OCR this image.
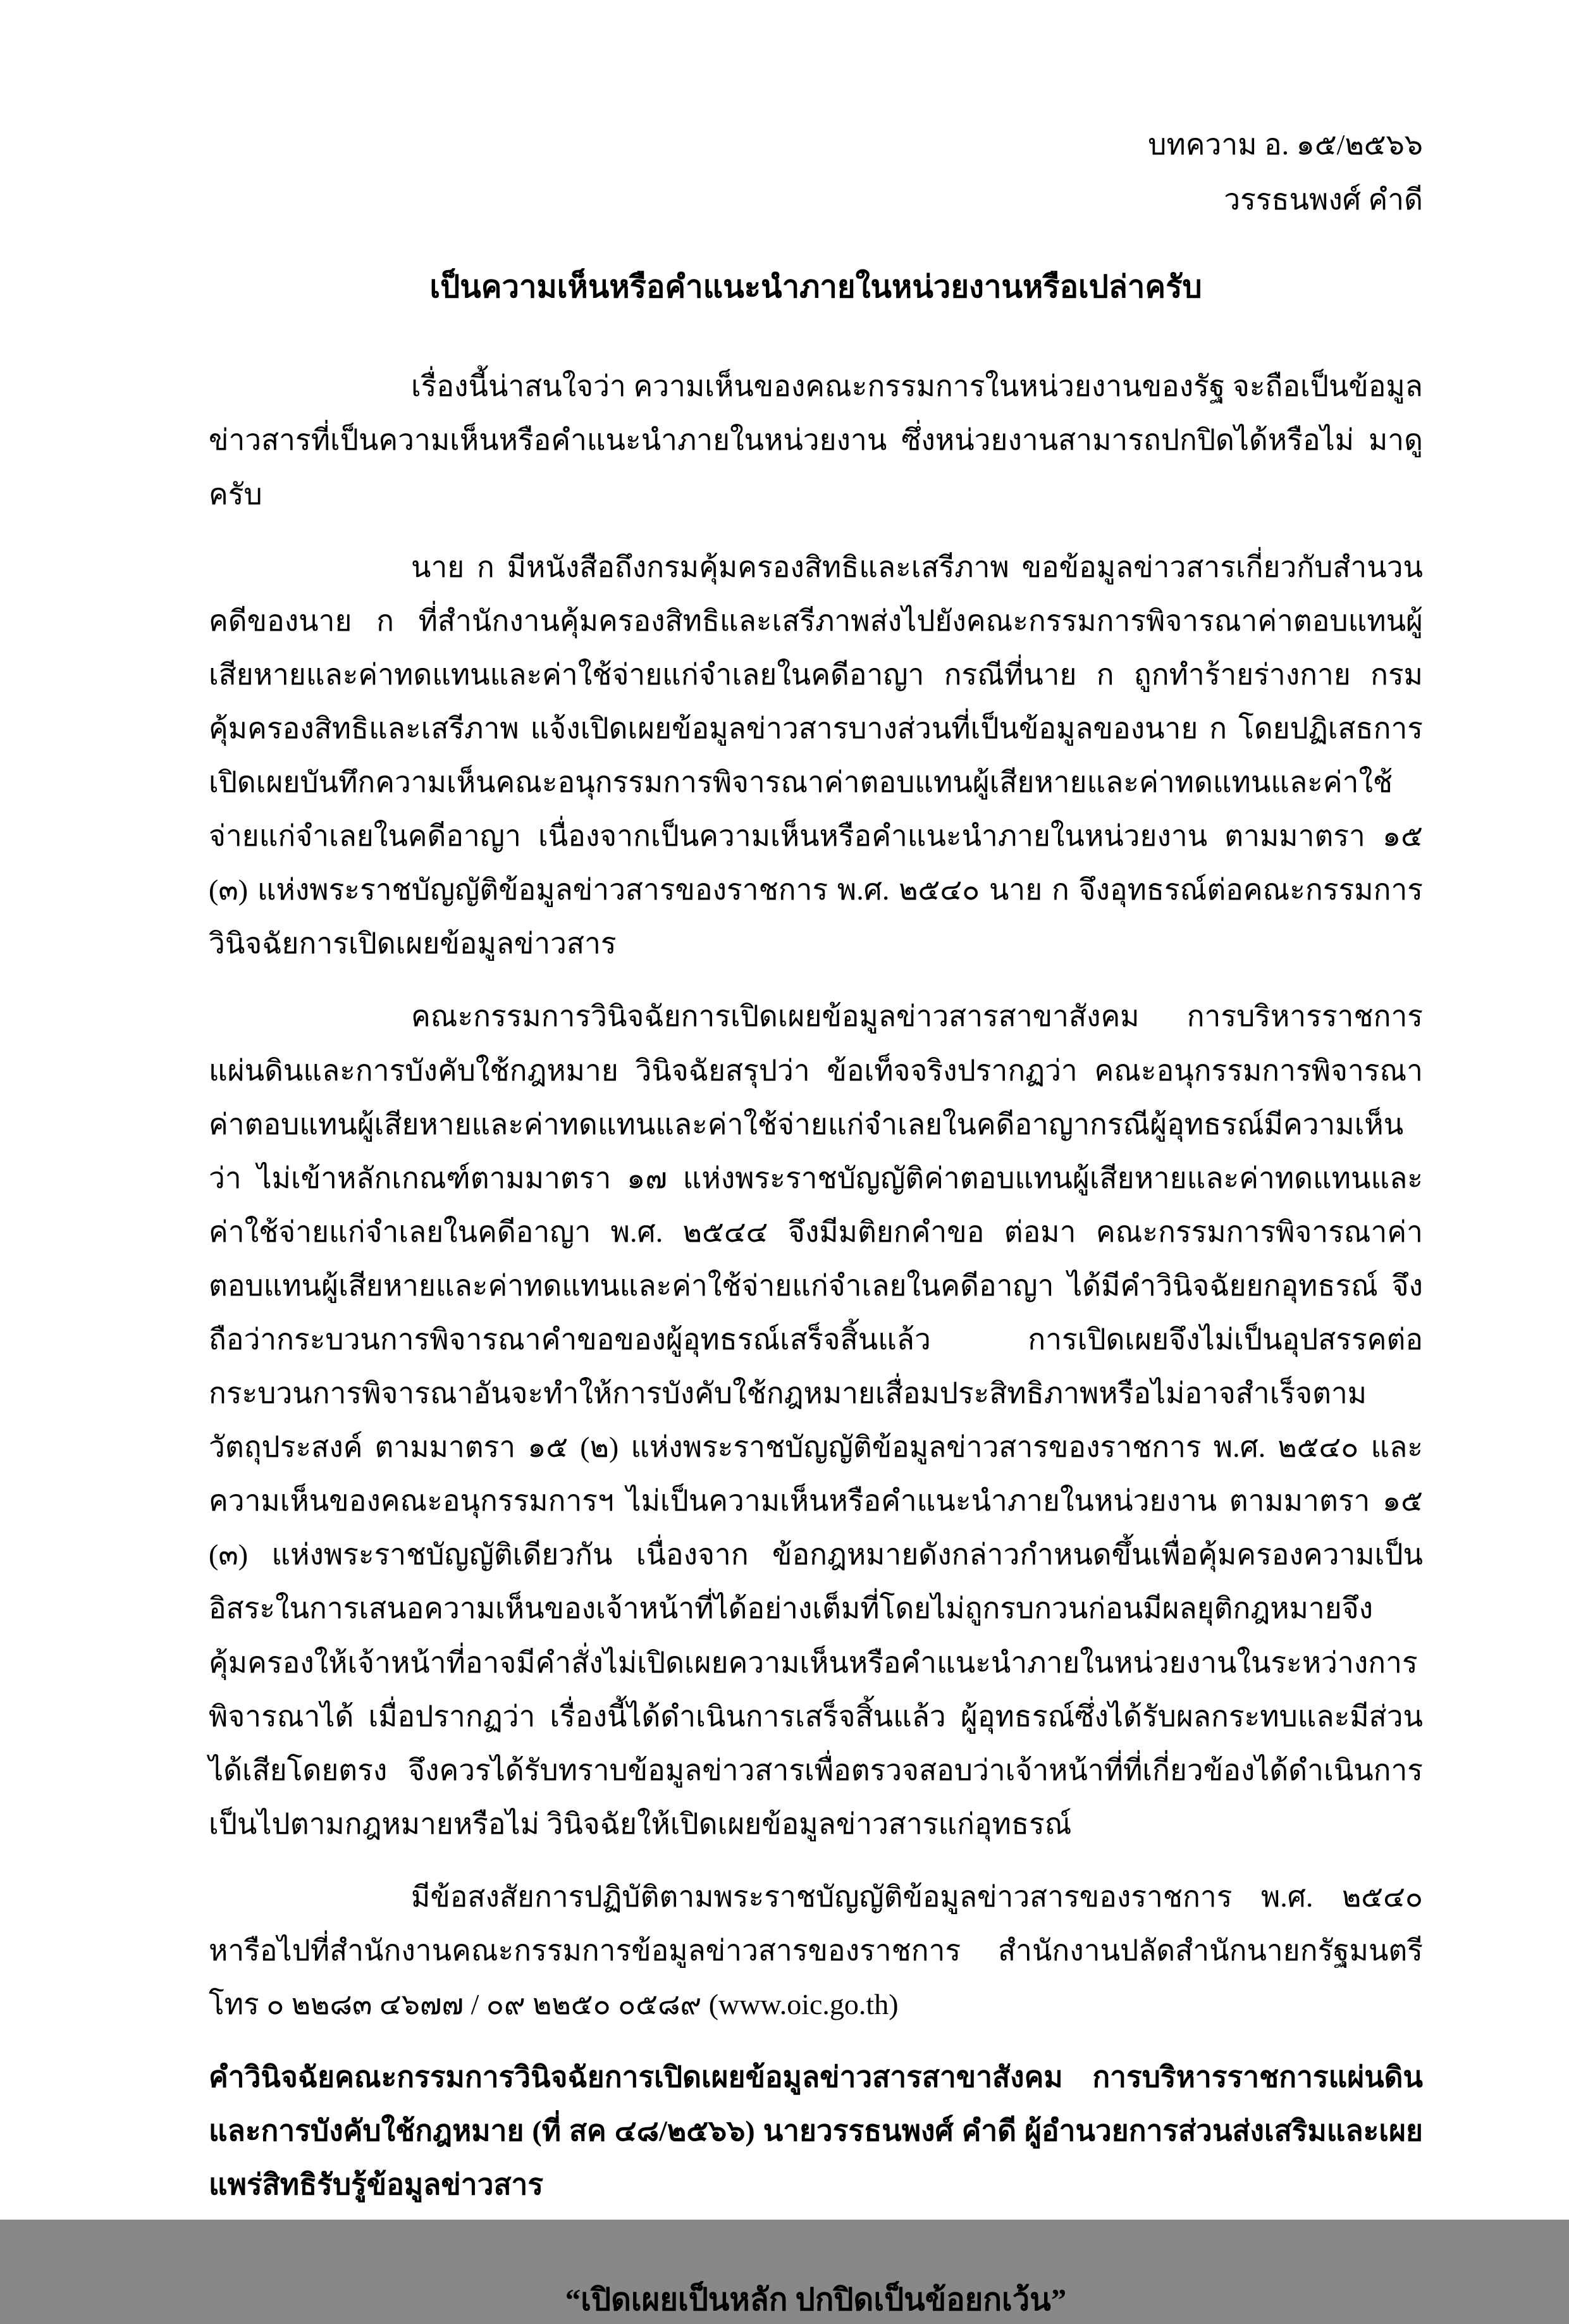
บทความ อ. ๑๕/๒๕๖๖
วรรธนพงศ์ คำดี
เป็นความเห็นหรือคำแนะนำภายในหน่วยงานหรือเปล่าครับ

เรื่องนี้น่าสนใจว่า ความเห็นของคณะกรรมการในหน่วยงานของรัฐ จะถือเป็นข้อมูลข่าวสารที่เป็นความเห็นหรือคำแนะนำภายในหน่วยงาน ซึ่งหน่วยงานสามารถปกปิดได้หรือไม่ มาดูครับ

นาย ก มีหนังสือถึงกรมคุ้มครองสิทธิและเสรีภาพ ขอข้อมูลข่าวสารเกี่ยวกับสำนวนคดีของนาย ก ที่สำนักงานคุ้มครองสิทธิและเสรีภาพส่งไปยังคณะกรรมการพิจารณาค่าตอบแทนผู้เสียหายและค่าทดแทนและค่าใช้จ่ายแก่จำเลยในคดีอาญา กรณีที่นาย ก ถูกทำร้ายร่างกาย กรมคุ้มครองสิทธิและเสรีภาพ แจ้งเปิดเผยข้อมูลข่าวสารบางส่วนที่เป็นข้อมูลของนาย ก โดยปฏิเสธการเปิดเผยบันทึกความเห็นคณะอนุกรรมการพิจารณาค่าตอบแทนผู้เสียหายและค่าทดแทนและค่าใช้จ่ายแก่จำเลยในคดีอาญา เนื่องจากเป็นความเห็นหรือคำแนะนำภายในหน่วยงาน ตามมาตรา ๑๕ (๓) แห่งพระราชบัญญัติข้อมูลข่าวสารของราชการ พ.ศ. ๒๕๔๐ นาย ก จึงอุทธรณ์ต่อคณะกรรมการวินิจฉัยการเปิดเผยข้อมูลข่าวสาร

คณะกรรมการวินิจฉัยการเปิดเผยข้อมูลข่าวสารสาขาสังคม การบริหารราชการแผ่นดินและการบังคับใช้กฎหมาย วินิจฉัยสรุปว่า ข้อเท็จจริงปรากฏว่า คณะอนุกรรมการพิจารณาค่าตอบแทนผู้เสียหายและค่าทดแทนและค่าใช้จ่ายแก่จำเลยในคดีอาญากรณีผู้อุทธรณ์มีความเห็นว่า ไม่เข้าหลักเกณฑ์ตามมาตรา ๑๗ แห่งพระราชบัญญัติค่าตอบแทนผู้เสียหายและค่าทดแทนและค่าใช้จ่ายแก่จำเลยในคดีอาญา พ.ศ. ๒๕๔๔ จึงมีมติยกคำขอ ต่อมา คณะกรรมการพิจารณาค่าตอบแทนผู้เสียหายและค่าทดแทนและค่าใช้จ่ายแก่จำเลยในคดีอาญา ได้มีคำวินิจฉัยยกอุทธรณ์ จึงถือว่ากระบวนการพิจารณาคำขอของผู้อุทธรณ์เสร็จสิ้นแล้ว การเปิดเผยจึงไม่เป็นอุปสรรคต่อกระบวนการพิจารณาอันจะทำให้การบังคับใช้กฎหมายเสื่อมประสิทธิภาพหรือไม่อาจสำเร็จตามวัตถุประสงค์ ตามมาตรา ๑๕ (๒) แห่งพระราชบัญญัติข้อมูลข่าวสารของราชการ พ.ศ. ๒๕๔๐ และความเห็นของคณะอนุกรรมการฯ ไม่เป็นความเห็นหรือคำแนะนำภายในหน่วยงาน ตามมาตรา ๑๕ (๓) แห่งพระราชบัญญัติเดียวกัน เนื่องจาก ข้อกฎหมายดังกล่าวกำหนดขึ้นเพื่อคุ้มครองความเป็นอิสระในการเสนอความเห็นของเจ้าหน้าที่ได้อย่างเต็มที่โดยไม่ถูกรบกวนก่อนมีผลยุติกฎหมายจึงคุ้มครองให้เจ้าหน้าที่อาจมีคำสั่งไม่เปิดเผยความเห็นหรือคำแนะนำภายในหน่วยงานในระหว่างการพิจารณาได้ เมื่อปรากฏว่า เรื่องนี้ได้ดำเนินการเสร็จสิ้นแล้ว ผู้อุทธรณ์ซึ่งได้รับผลกระทบและมีส่วนได้เสียโดยตรง จึงควรได้รับทราบข้อมูลข่าวสารเพื่อตรวจสอบว่าเจ้าหน้าที่ที่เกี่ยวข้องได้ดำเนินการเป็นไปตามกฎหมายหรือไม่ วินิจฉัยให้เปิดเผยข้อมูลข่าวสารแก่อุทธรณ์

มีข้อสงสัยการปฏิบัติตามพระราชบัญญัติข้อมูลข่าวสารของราชการ พ.ศ. ๒๕๔๐ หารือไปที่สำนักงานคณะกรรมการข้อมูลข่าวสารของราชการ สำนักงานปลัดสำนักนายกรัฐมนตรี โทร ๐ ๒๒๘๓ ๔๖๗๗ / ๐๙ ๒๒๕๐ ๐๕๘๙ (www.oic.go.th)

คำวินิจฉัยคณะกรรมการวินิจฉัยการเปิดเผยข้อมูลข่าวสารสาขาสังคม การบริหารราชการแผ่นดินและการบังคับใช้กฎหมาย (ที่ สค ๔๘/๒๕๖๖) นายวรรธนพงศ์ คำดี ผู้อำนวยการส่วนส่งเสริมและเผยแพร่สิทธิรับรู้ข้อมูลข่าวสาร

“เปิดเผยเป็นหลัก ปกปิดเป็นข้อยกเว้น”
